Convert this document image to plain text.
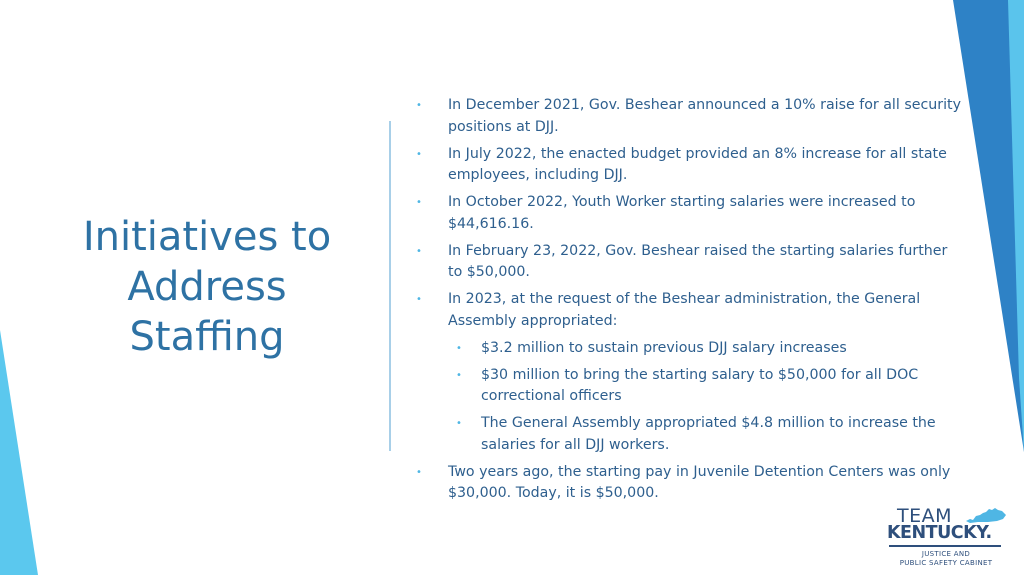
Initiatives to
Address
Staffing
• In December 2021, Gov. Beshear announced a 10% raise for all security positions at DJJ.
• In July 2022, the enacted budget provided an 8% increase for all state employees, including DJJ.
• In October 2022, Youth Worker starting salaries were increased to $44,616.16.
• In February 23, 2022, Gov. Beshear raised the starting salaries further to $50,000.
• In 2023, at the request of the Beshear administration, the General Assembly appropriated:
• $3.2 million to sustain previous DJJ salary increases
• $30 million to bring the starting salary to $50,000 for all DOC correctional officers
• The General Assembly appropriated $4.8 million to increase the salaries for all DJJ workers.
• Two years ago, the starting pay in Juvenile Detention Centers was only $30,000. Today, it is $50,000.
TEAM
KENTUCKY.
JUSTICE AND
PUBLIC SAFETY CABINET
